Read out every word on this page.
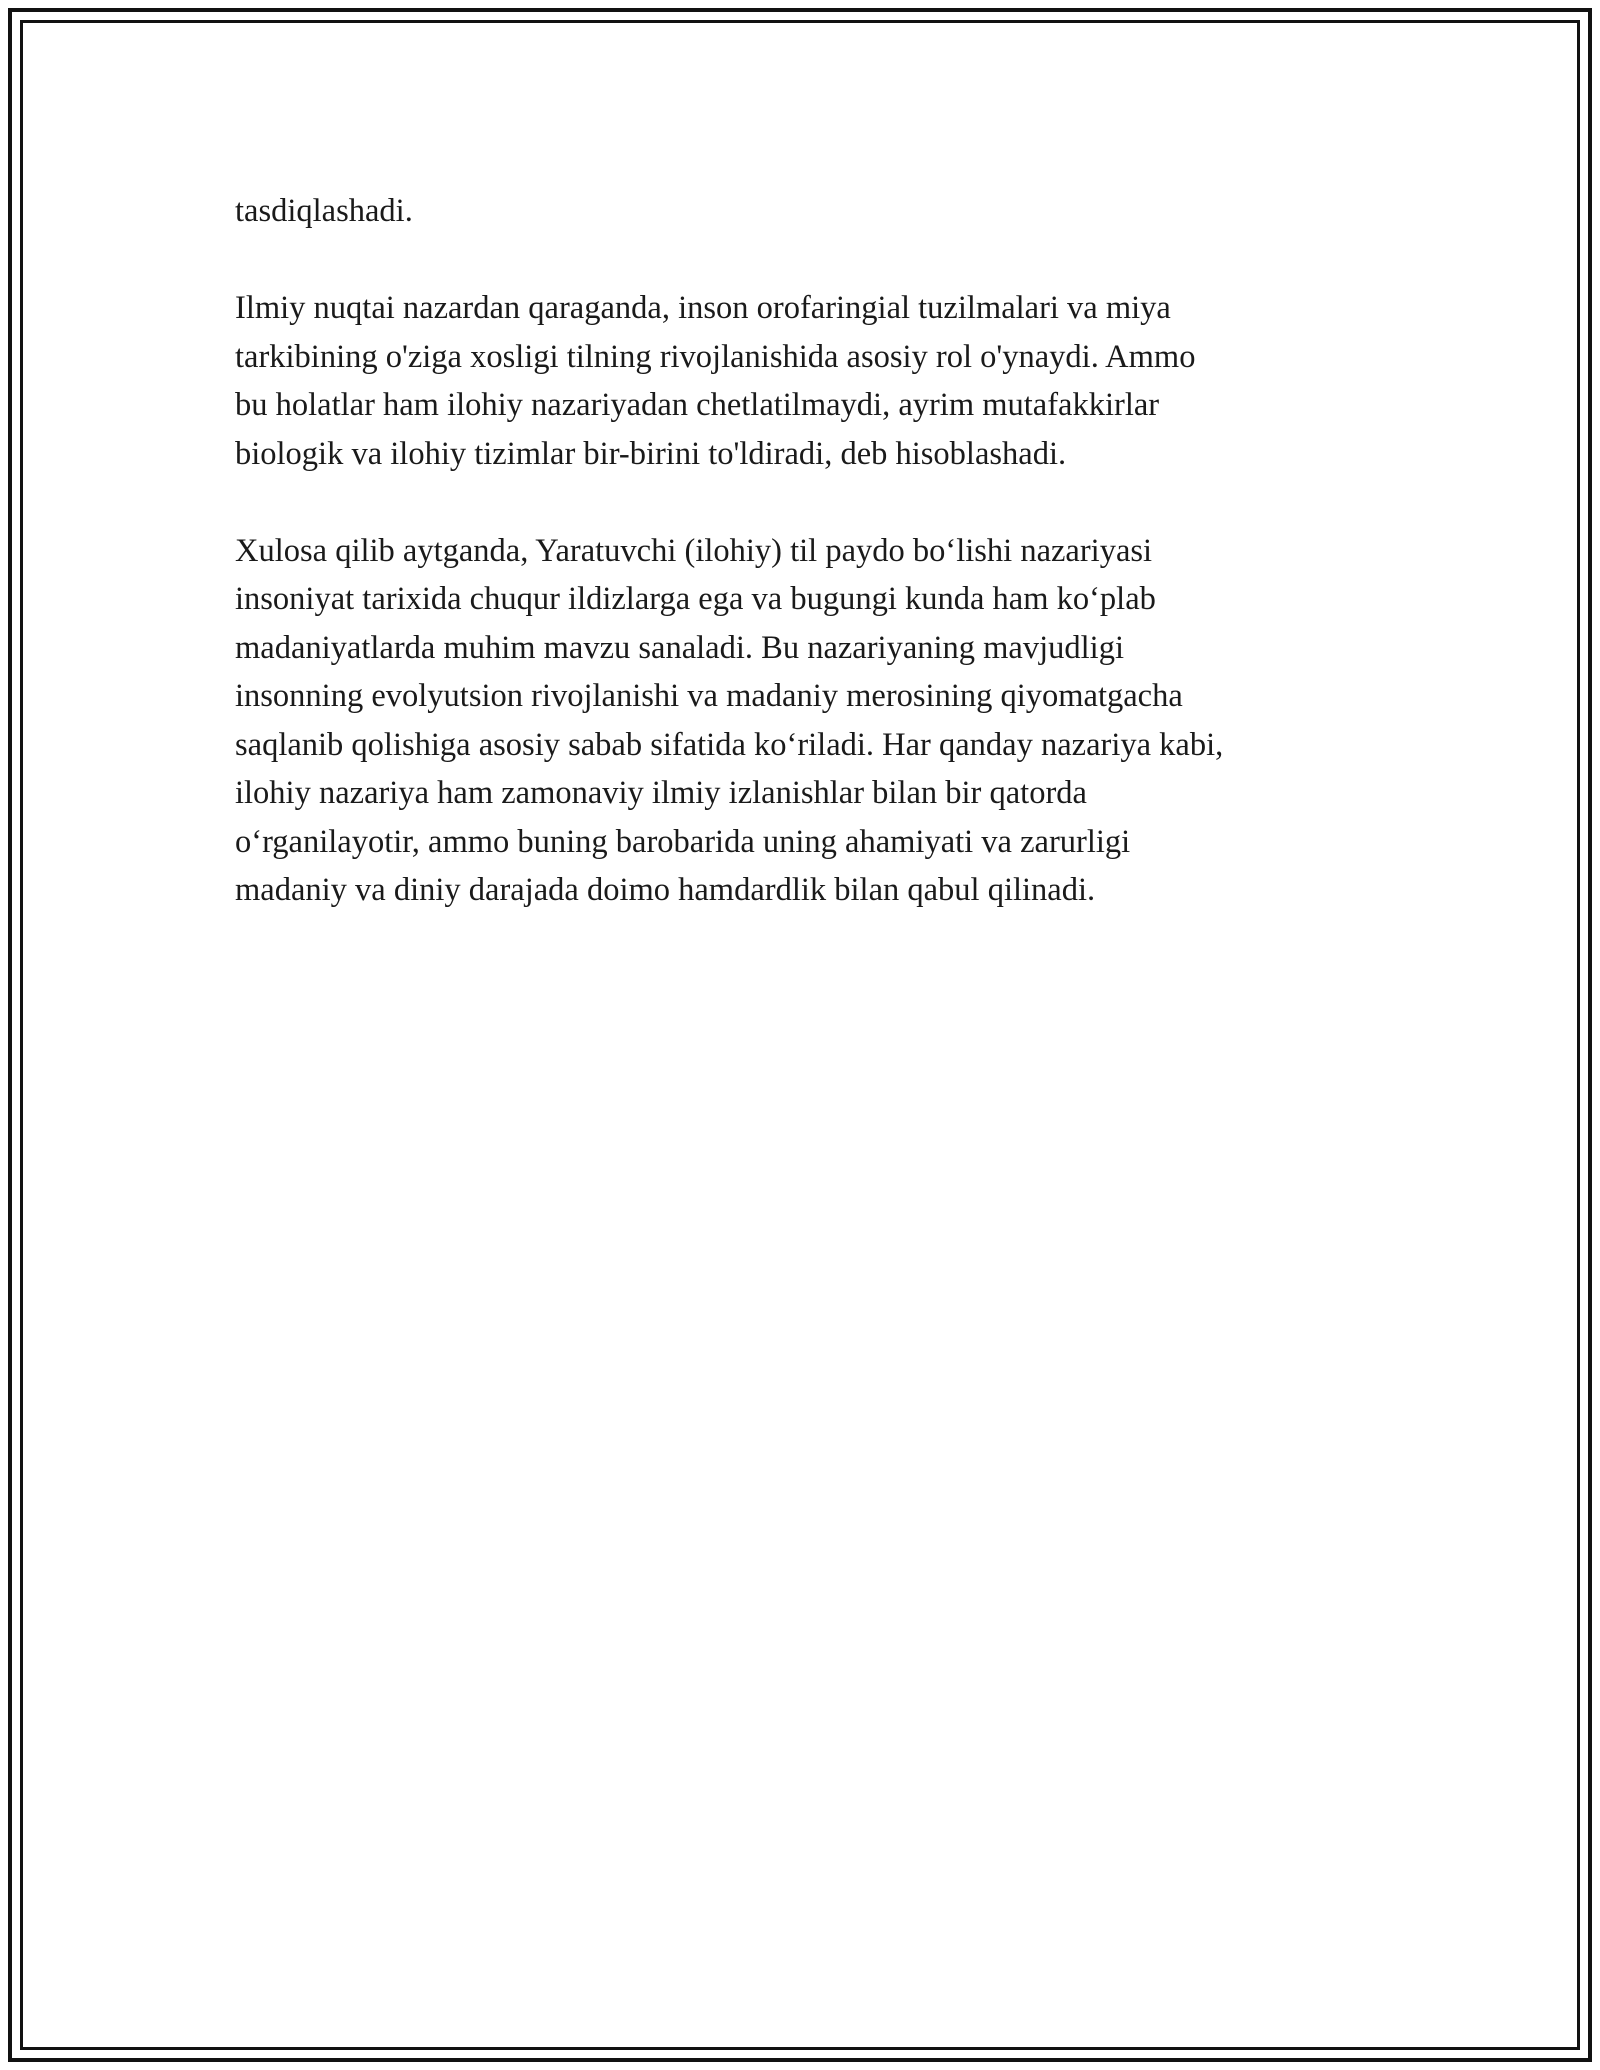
tasdiqlashadi.

Ilmiy nuqtai nazardan qaraganda, inson orofaringial tuzilmalari va miya
tarkibining o'ziga xosligi tilning rivojlanishida asosiy rol o'ynaydi. Ammo
bu holatlar ham ilohiy nazariyadan chetlatilmaydi, ayrim mutafakkirlar
biologik va ilohiy tizimlar bir-birini to'ldiradi, deb hisoblashadi.

Xulosa qilib aytganda, Yaratuvchi (ilohiy) til paydo bo‘lishi nazariyasi
insoniyat tarixida chuqur ildizlarga ega va bugungi kunda ham ko‘plab
madaniyatlarda muhim mavzu sanaladi. Bu nazariyaning mavjudligi
insonning evolyutsion rivojlanishi va madaniy merosining qiyomatgacha
saqlanib qolishiga asosiy sabab sifatida ko‘riladi. Har qanday nazariya kabi,
ilohiy nazariya ham zamonaviy ilmiy izlanishlar bilan bir qatorda
o‘rganilayotir, ammo buning barobarida uning ahamiyati va zarurligi
madaniy va diniy darajada doimo hamdardlik bilan qabul qilinadi.
